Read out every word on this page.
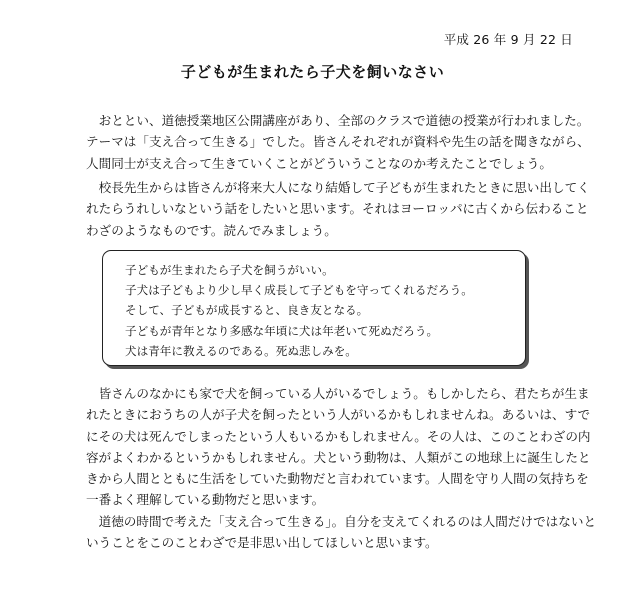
平成 26 年 9 月 22 日
子どもが生まれたら子犬を飼いなさい
おととい、道徳授業地区公開講座があり、全部のクラスで道徳の授業が行われました。
テーマは「支え合って生きる」でした。皆さんそれぞれが資料や先生の話を聞きながら、
人間同士が支え合って生きていくことがどういうことなのか考えたことでしょう。
校長先生からは皆さんが将来大人になり結婚して子どもが生まれたときに思い出してく
れたらうれしいなという話をしたいと思います。それはヨーロッパに古くから伝わること
わざのようなものです。読んでみましょう。
子どもが生まれたら子犬を飼うがいい。
子犬は子どもより少し早く成長して子どもを守ってくれるだろう。
そして、子どもが成長すると、良き友となる。
子どもが青年となり多感な年頃に犬は年老いて死ぬだろう。
犬は青年に教えるのである。死ぬ悲しみを。
皆さんのなかにも家で犬を飼っている人がいるでしょう。もしかしたら、君たちが生ま
れたときにおうちの人が子犬を飼ったという人がいるかもしれませんね。あるいは、すで
にその犬は死んでしまったという人もいるかもしれません。その人は、このことわざの内
容がよくわかるというかもしれません。犬という動物は、人類がこの地球上に誕生したと
きから人間とともに生活をしていた動物だと言われています。人間を守り人間の気持ちを
一番よく理解している動物だと思います。
道徳の時間で考えた「支え合って生きる」。自分を支えてくれるのは人間だけではないと
いうことをこのことわざで是非思い出してほしいと思います。
